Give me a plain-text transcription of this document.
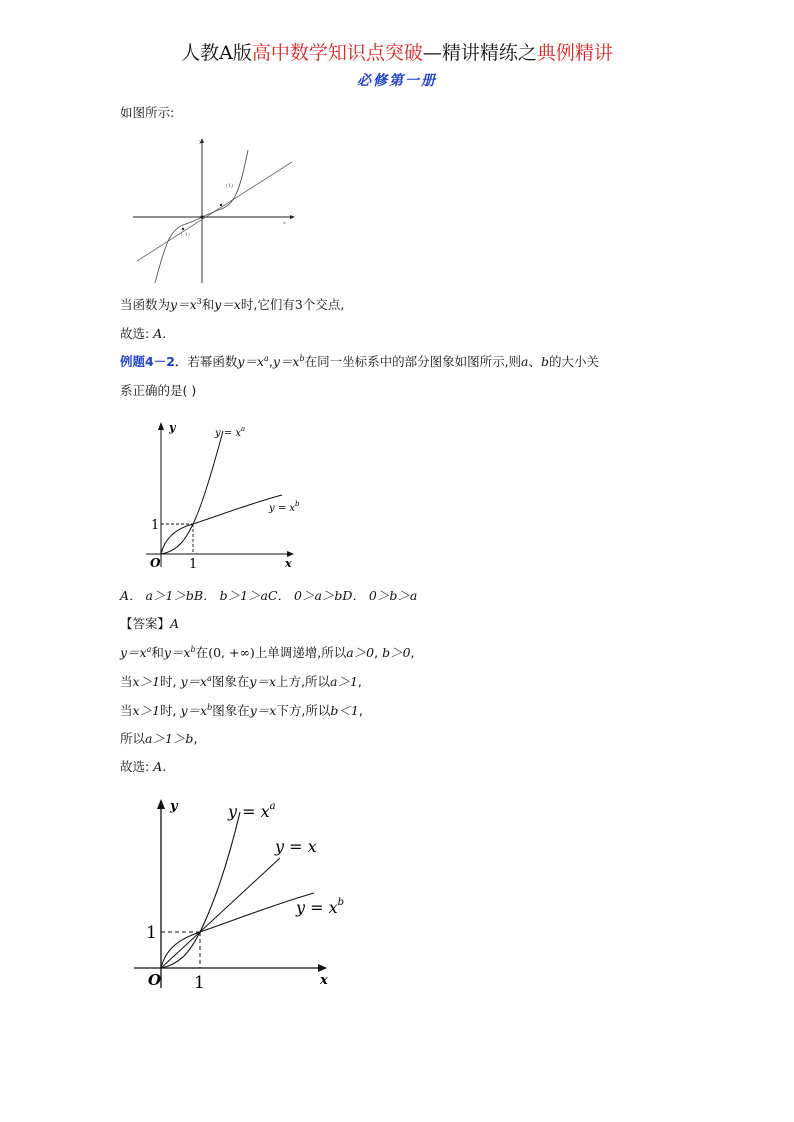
人教A版高中数学知识点突破—精讲精练之典例精讲
必修第一册
如图所示:
y
x
(1)
(-1)
当函数为$y=x^3$和y＝x时,它们有3个交点,
故选: A.
例题4－2．若幂函数$y=x^a,y=x^b$在同一坐标系中的部分图象如图所示,则a、b的大小关
系正确的是( )
y
x
O
1
1
$y = x^a$
$y = x^b$
A． a＞1＞bB． b＞1＞aC． 0＞a＞bD． 0＞b＞a
【答案】A
$y=x^a$和$y=x^b$在(0, +∞)上单调递增,所以a＞0, b＞0,
当x＞1时, $y=x^a$图象在y＝x上方,所以a＞1,
当x＞1时, $y=x^b$图象在y＝x下方,所以b＜1,
所以a＞1＞b,
故选: A.
y
x
O
1
1
$y = x^a$
y = x
$y = x^b$
